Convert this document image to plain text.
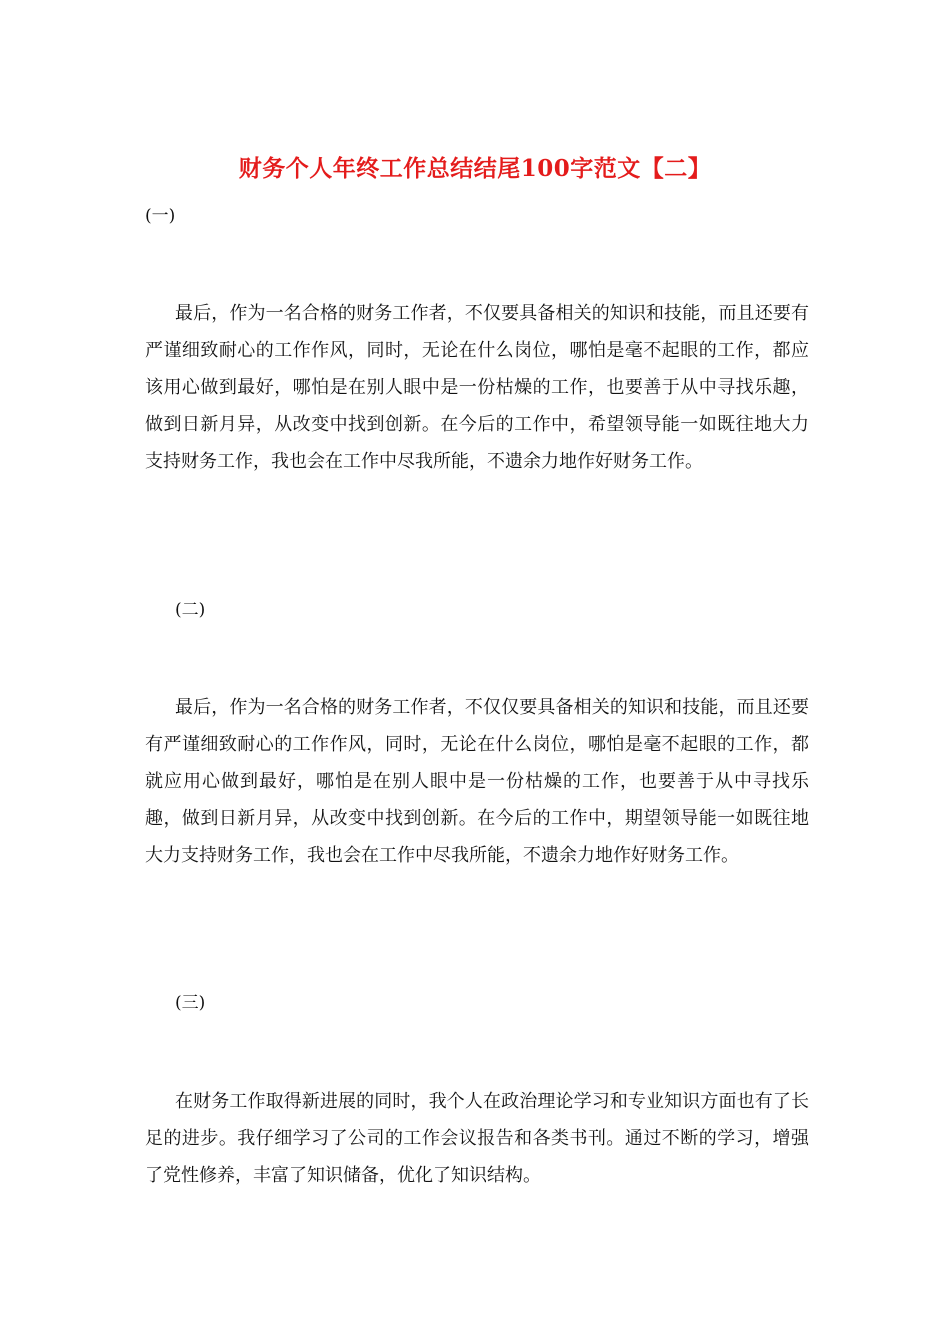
财务个人年终工作总结结尾100字范文【二】
(一)
最后，作为一名合格的财务工作者，不仅要具备相关的知识和技能，而且还要有严谨细致耐心的工作作风，同时，无论在什么岗位，哪怕是毫不起眼的工作，都应该用心做到最好，哪怕是在别人眼中是一份枯燥的工作，也要善于从中寻找乐趣，做到日新月异，从改变中找到创新。在今后的工作中，希望领导能一如既往地大力支持财务工作，我也会在工作中尽我所能，不遗余力地作好财务工作。
(二)
最后，作为一名合格的财务工作者，不仅仅要具备相关的知识和技能，而且还要有严谨细致耐心的工作作风，同时，无论在什么岗位，哪怕是毫不起眼的工作，都就应用心做到最好，哪怕是在别人眼中是一份枯燥的工作，也要善于从中寻找乐趣，做到日新月异，从改变中找到创新。在今后的工作中，期望领导能一如既往地大力支持财务工作，我也会在工作中尽我所能，不遗余力地作好财务工作。
(三)
在财务工作取得新进展的同时，我个人在政治理论学习和专业知识方面也有了长足的进步。我仔细学习了公司的工作会议报告和各类书刊。通过不断的学习，增强了党性修养，丰富了知识储备，优化了知识结构。
